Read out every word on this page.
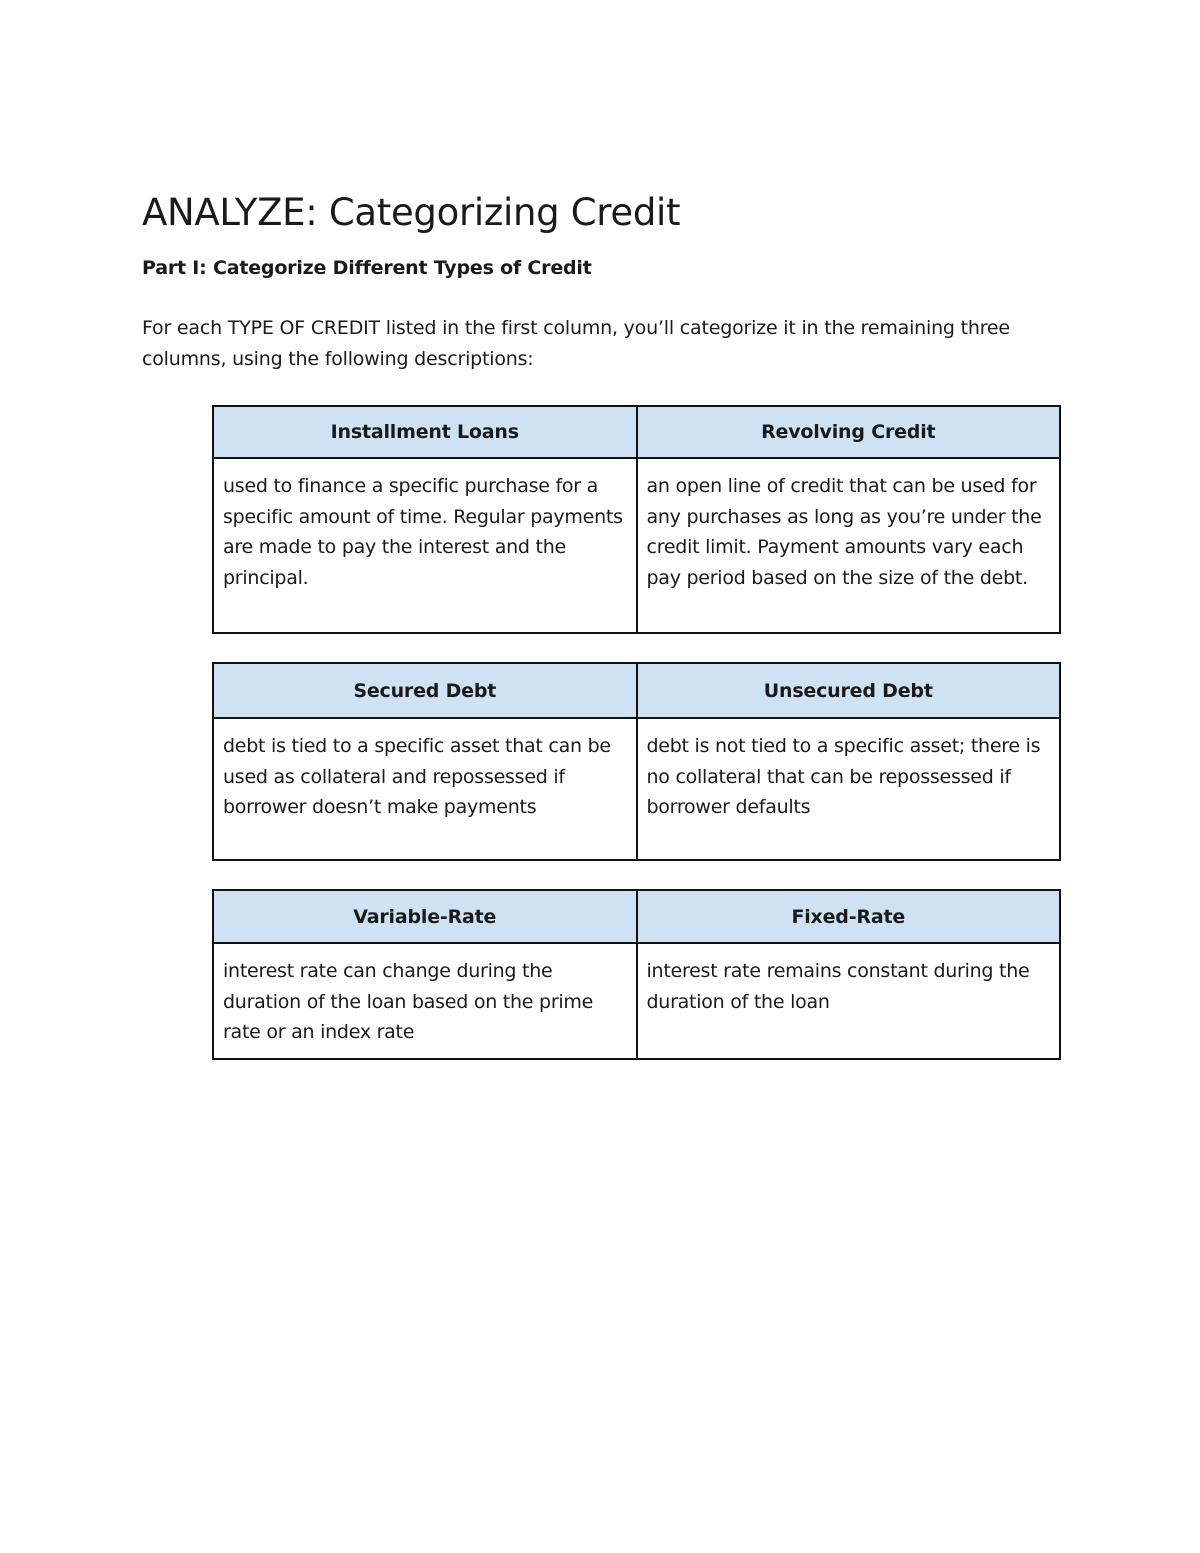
ANALYZE: Categorizing Credit
Part I: Categorize Different Types of Credit

For each TYPE OF CREDIT listed in the first column, you’ll categorize it in the remaining three columns, using the following descriptions:

Installment Loans	Revolving Credit
used to finance a specific purchase for a specific amount of time. Regular payments are made to pay the interest and the principal.	an open line of credit that can be used for any purchases as long as you’re under the credit limit. Payment amounts vary each pay period based on the size of the debt.
Secured Debt	Unsecured Debt
debt is tied to a specific asset that can be used as collateral and repossessed if borrower doesn’t make payments	debt is not tied to a specific asset; there is no collateral that can be repossessed if borrower defaults
Variable-Rate	Fixed-Rate
interest rate can change during the duration of the loan based on the prime rate or an index rate	interest rate remains constant during the duration of the loan
